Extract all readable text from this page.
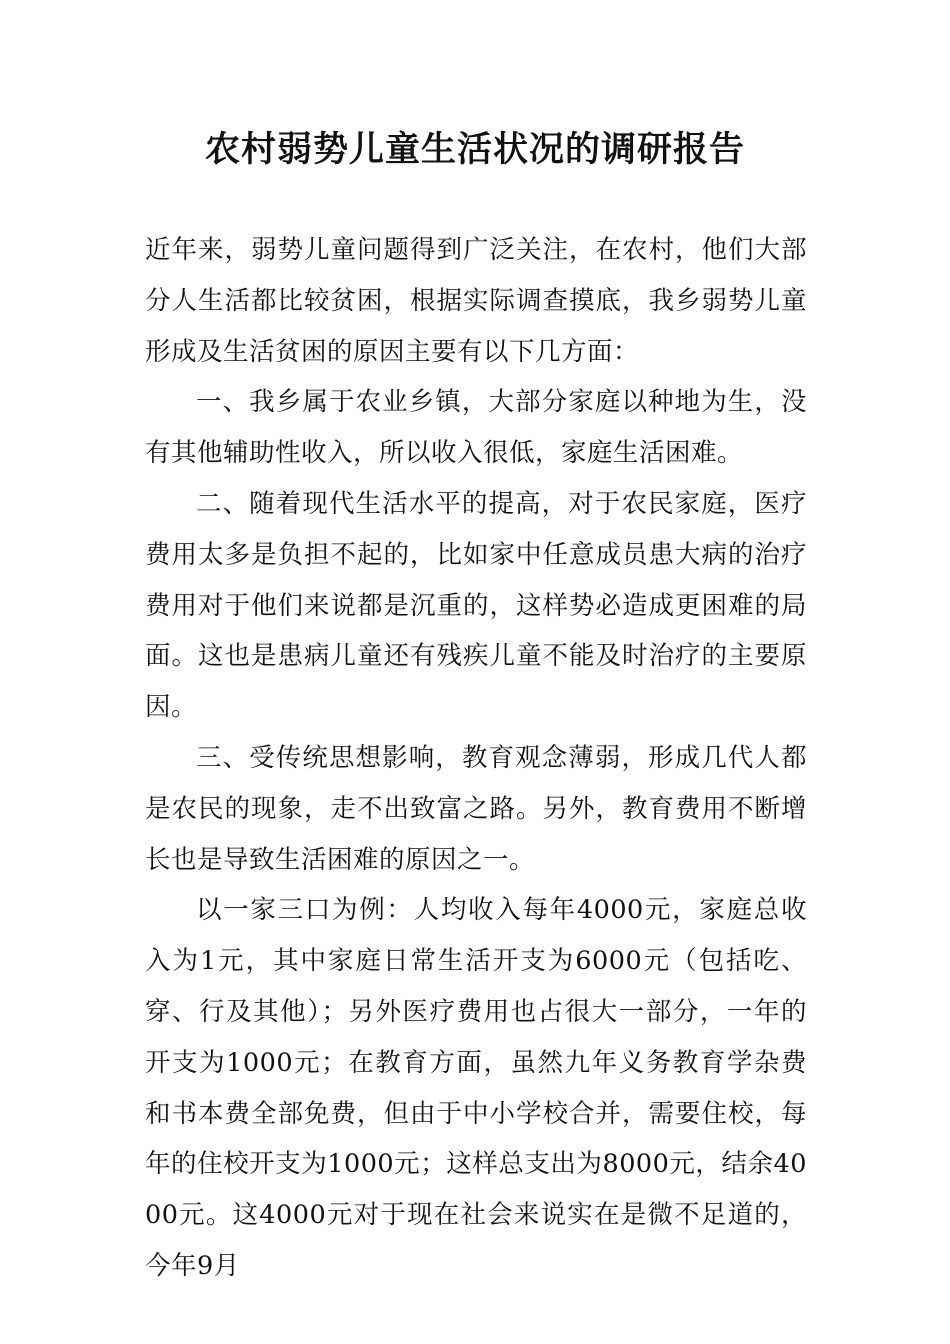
农村弱势儿童生活状况的调研报告

近年来，弱势儿童问题得到广泛关注，在农村，他们大部分人生活都比较贫困，根据实际调查摸底，我乡弱势儿童形成及生活贫困的原因主要有以下几方面：

一、我乡属于农业乡镇，大部分家庭以种地为生，没有其他辅助性收入，所以收入很低，家庭生活困难。

二、随着现代生活水平的提高，对于农民家庭，医疗费用太多是负担不起的，比如家中任意成员患大病的治疗费用对于他们来说都是沉重的，这样势必造成更困难的局面。这也是患病儿童还有残疾儿童不能及时治疗的主要原因。

三、受传统思想影响，教育观念薄弱，形成几代人都是农民的现象，走不出致富之路。另外，教育费用不断增长也是导致生活困难的原因之一。

以一家三口为例：人均收入每年4000元，家庭总收入为1元，其中家庭日常生活开支为6000元（包括吃、穿、行及其他）；另外医疗费用也占很大一部分，一年的开支为1000元；在教育方面，虽然九年义务教育学杂费和书本费全部免费，但由于中小学校合并，需要住校，每年的住校开支为1000元；这样总支出为8000元，结余4000元。这4000元对于现在社会来说实在是微不足道的，今年9月
